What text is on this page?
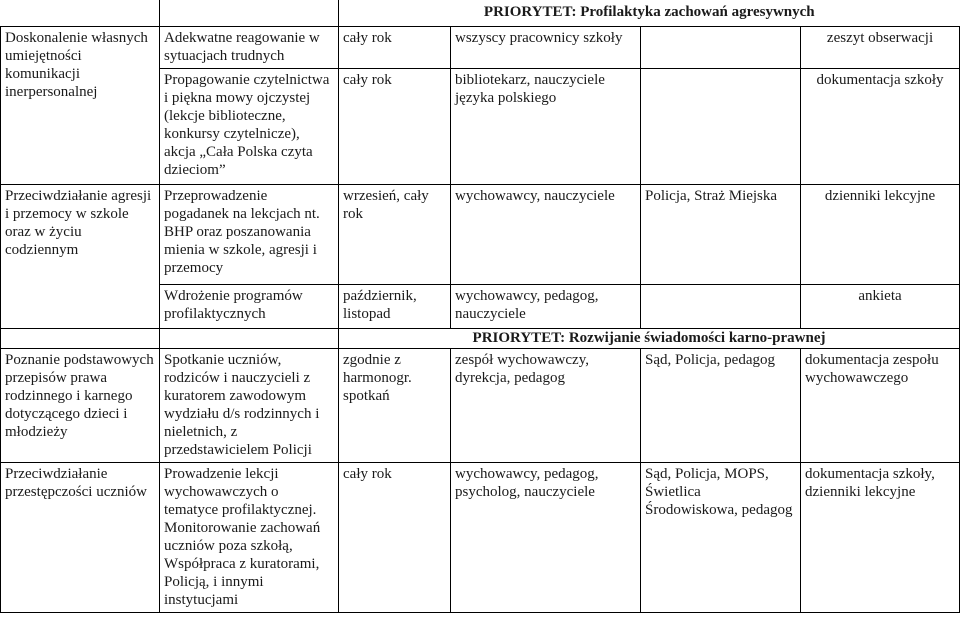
		PRIORYTET: Profilaktyka zachowań agresywnych			
Doskonalenie własnych umiejętności komunikacji inerpersonalnej	Adekwatne reagowanie w sytuacjach trudnych	cały rok	wszyscy pracownicy szkoły		zeszyt obserwacji
	Propagowanie czytelnictwa i piękna mowy ojczystej (lekcje biblioteczne, konkursy czytelnicze), akcja „Cała Polska czyta dzieciom”	cały rok	bibliotekarz, nauczyciele języka polskiego		dokumentacja szkoły
Przeciwdziałanie agresji i przemocy w szkole oraz w życiu codziennym	Przeprowadzenie pogadanek na lekcjach nt. BHP oraz poszanowania mienia w szkole, agresji i przemocy	wrzesień, cały rok	wychowawcy, nauczyciele	Policja, Straż Miejska	dzienniki lekcyjne
	Wdrożenie programów profilaktycznych	październik, listopad	wychowawcy, pedagog, nauczyciele		ankieta
		PRIORYTET: Rozwijanie świadomości karno-prawnej			
Poznanie podstawowych przepisów prawa rodzinnego i karnego dotyczącego dzieci i młodzieży	Spotkanie uczniów, rodziców i nauczycieli z kuratorem zawodowym wydziału d/s rodzinnych i nieletnich, z przedstawicielem Policji	zgodnie z harmonogr. spotkań	zespół wychowawczy, dyrekcja, pedagog	Sąd, Policja, pedagog	dokumentacja zespołu wychowawczego
Przeciwdziałanie przestępczości uczniów	Prowadzenie lekcji wychowawczych o tematyce profilaktycznej. Monitorowanie zachowań uczniów poza szkołą, Współpraca z kuratorami, Policją, i innymi instytucjami	cały rok	wychowawcy, pedagog, psycholog, nauczyciele	Sąd, Policja, MOPS, Świetlica Środowiskowa, pedagog	dokumentacja szkoły, dzienniki lekcyjne
